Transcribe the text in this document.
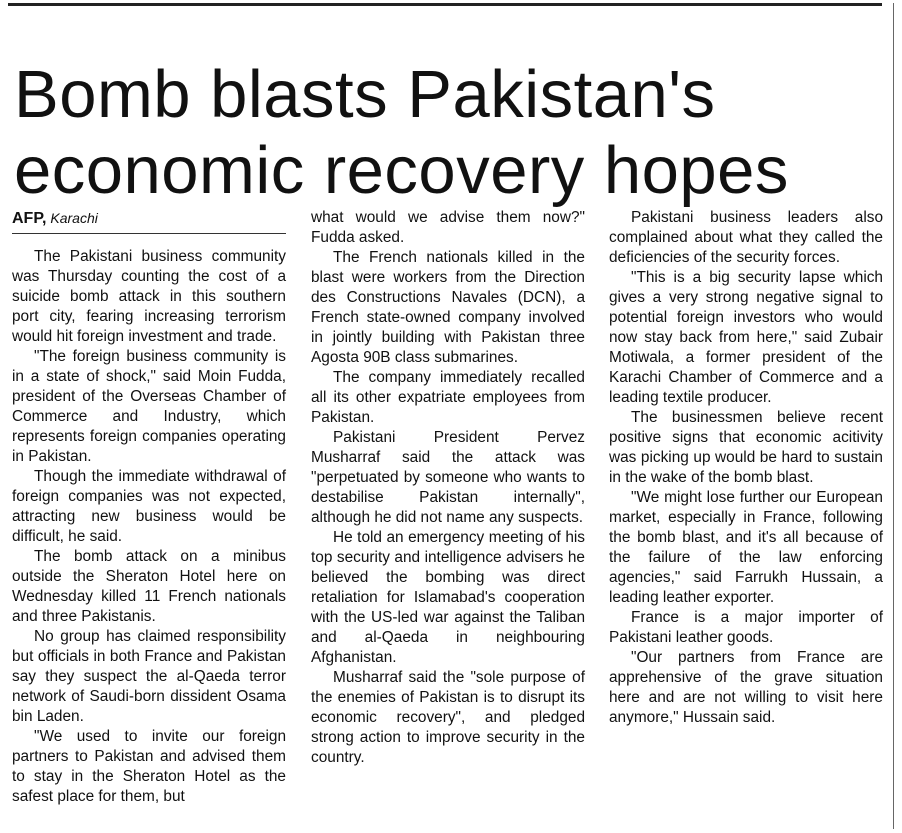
Bomb blasts Pakistan's economic recovery hopes
AFP, Karachi

The Pakistani business community was Thursday counting the cost of a suicide bomb attack in this southern port city, fearing increasing terrorism would hit foreign investment and trade.

"The foreign business community is in a state of shock," said Moin Fudda, president of the Overseas Chamber of Commerce and Industry, which represents foreign companies operating in Pakistan.

Though the immediate withdrawal of foreign companies was not expected, attracting new business would be difficult, he said.

The bomb attack on a minibus outside the Sheraton Hotel here on Wednesday killed 11 French nationals and three Pakistanis.

No group has claimed responsibility but officials in both France and Pakistan say they suspect the al-Qaeda terror network of Saudi-born dissident Osama bin Laden.

"We used to invite our foreign partners to Pakistan and advised them to stay in the Sheraton Hotel as the safest place for them, but

what would we advise them now?" Fudda asked.

The French nationals killed in the blast were workers from the Direction des Constructions Navales (DCN), a French state-owned company involved in jointly building with Pakistan three Agosta 90B class submarines.

The company immediately recalled all its other expatriate employees from Pakistan.

Pakistani President Pervez Musharraf said the attack was "perpetuated by someone who wants to destabilise Pakistan internally", although he did not name any suspects.

He told an emergency meeting of his top security and intelligence advisers he believed the bombing was direct retaliation for Islamabad's cooperation with the US-led war against the Taliban and al-Qaeda in neighbouring Afghanistan.

Musharraf said the "sole purpose of the enemies of Pakistan is to disrupt its economic recovery", and pledged strong action to improve security in the country.

Pakistani business leaders also complained about what they called the deficiencies of the security forces.

"This is a big security lapse which gives a very strong negative signal to potential foreign investors who would now stay back from here," said Zubair Motiwala, a former president of the Karachi Chamber of Commerce and a leading textile producer.

The businessmen believe recent positive signs that economic acitivity was picking up would be hard to sustain in the wake of the bomb blast.

"We might lose further our European market, especially in France, following the bomb blast, and it's all because of the failure of the law enforcing agencies," said Farrukh Hussain, a leading leather exporter.

France is a major importer of Pakistani leather goods.

"Our partners from France are apprehensive of the grave situation here and are not willing to visit here anymore," Hussain said.
